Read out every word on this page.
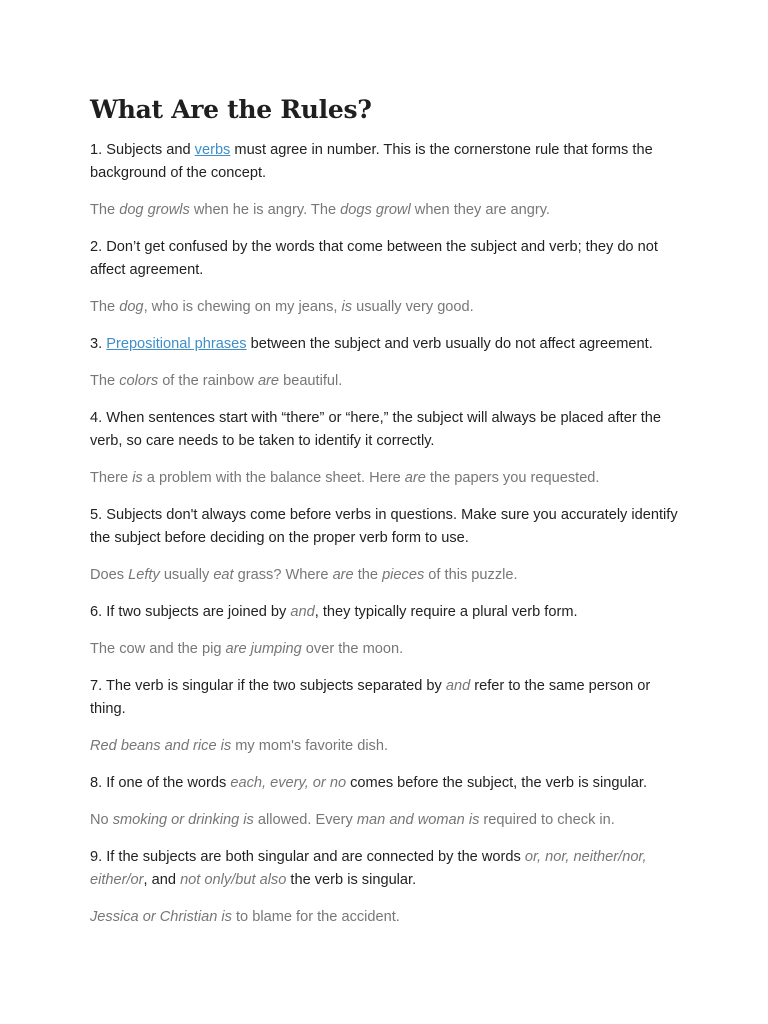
What Are the Rules?

1. Subjects and verbs must agree in number. This is the cornerstone rule that forms the background of the concept.

The dog growls when he is angry. The dogs growl when they are angry.

2. Don’t get confused by the words that come between the subject and verb; they do not affect agreement.

The dog, who is chewing on my jeans, is usually very good.

3. Prepositional phrases between the subject and verb usually do not affect agreement.

The colors of the rainbow are beautiful.

4. When sentences start with “there” or “here,” the subject will always be placed after the verb, so care needs to be taken to identify it correctly.

There is a problem with the balance sheet. Here are the papers you requested.

5. Subjects don't always come before verbs in questions. Make sure you accurately identify the subject before deciding on the proper verb form to use.

Does Lefty usually eat grass? Where are the pieces of this puzzle.

6. If two subjects are joined by and, they typically require a plural verb form.

The cow and the pig are jumping over the moon.

7. The verb is singular if the two subjects separated by and refer to the same person or thing.

Red beans and rice is my mom's favorite dish.

8. If one of the words each, every, or no comes before the subject, the verb is singular.

No smoking or drinking is allowed. Every man and woman is required to check in.

9. If the subjects are both singular and are connected by the words or, nor, neither/nor, either/or, and not only/but also the verb is singular.

Jessica or Christian is to blame for the accident.
